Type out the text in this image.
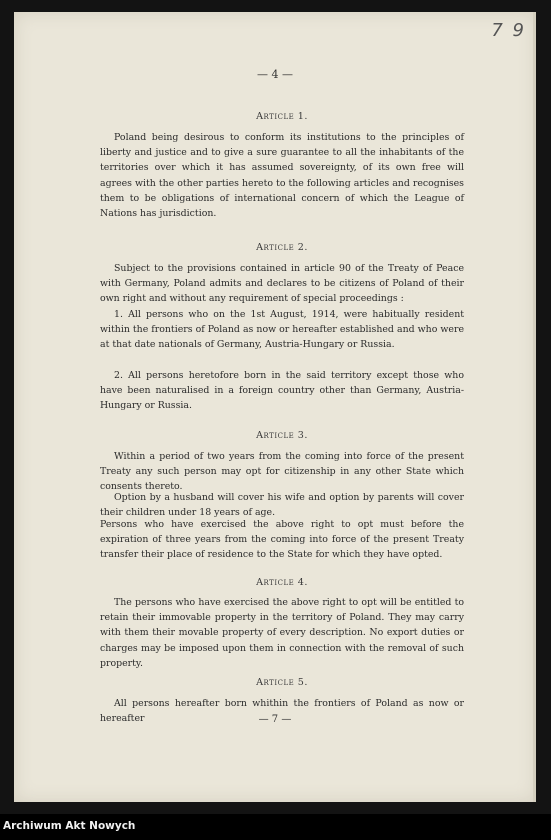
7 9
— 4 —
Article 1.

Poland being desirous to conform its institutions to the principles of liberty and justice and to give a sure guarantee to all the inhabitants of the territories over which it has assumed sovereignty, of its own free will agrees with the other parties hereto to the following articles and recognises them to be obligations of international concern of which the League of Nations has jurisdiction.

Article 2.

Subject to the provisions contained in article 90 of the Treaty of Peace with Germany, Poland admits and declares to be citizens of Poland of their own right and without any requirement of special proceedings :

1. All persons who on the 1st August, 1914, were habitually resident within the frontiers of Poland as now or hereafter established and who were at that date nationals of Germany, Austria-Hungary or Russia.

2. All persons heretofore born in the said territory except those who have been naturalised in a foreign country other than Germany, Austria-Hungary or Russia.

Article 3.

Within a period of two years from the coming into force of the present Treaty any such person may opt for citizenship in any other State which consents thereto.

Option by a husband will cover his wife and option by parents will cover their children under 18 years of age.

Persons who have exercised the above right to opt must before the expiration of three years from the coming into force of the present Treaty transfer their place of residence to the State for which they have opted.

Article 4.

The persons who have exercised the above right to opt will be entitled to retain their immovable property in the territory of Poland. They may carry with them their movable property of every description. No export duties or charges may be imposed upon them in connection with the removal of such property.

Article 5.

All persons hereafter born whithin the frontiers of Poland as now or hereafter	— 7 —
Archiwum Akt Nowych
